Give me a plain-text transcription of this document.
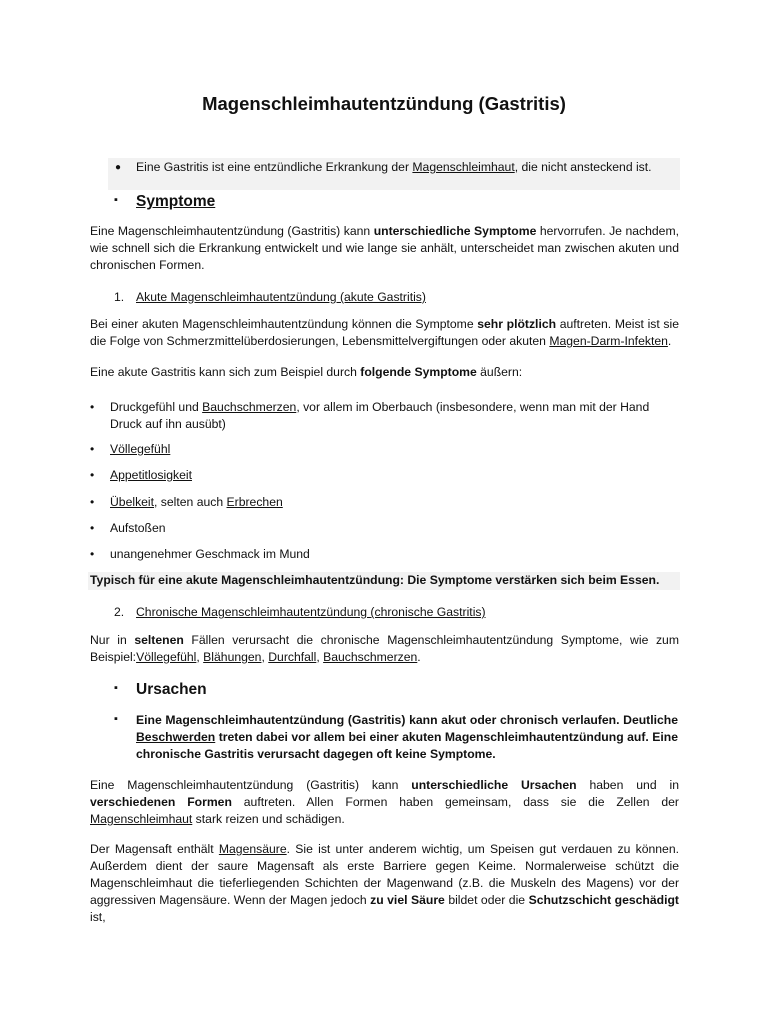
Magenschleimhautentzündung (Gastritis)
● Eine Gastritis ist eine entzündliche Erkrankung der Magenschleimhaut, die nicht ansteckend ist.
▪ Symptome
Eine Magenschleimhautentzündung (Gastritis) kann unterschiedliche Symptome hervorrufen. Je nachdem, wie schnell sich die Erkrankung entwickelt und wie lange sie anhält, unterscheidet man zwischen akuten und chronischen Formen.
1. Akute Magenschleimhautentzündung (akute Gastritis)
Bei einer akuten Magenschleimhautentzündung können die Symptome sehr plötzlich auftreten. Meist ist sie die Folge von Schmerzmittelüberdosierungen, Lebensmittelvergiftungen oder akuten Magen-Darm-Infekten.
Eine akute Gastritis kann sich zum Beispiel durch folgende Symptome äußern:
• Druckgefühl und Bauchschmerzen, vor allem im Oberbauch (insbesondere, wenn man mit der Hand Druck auf ihn ausübt)
• Völlegefühl
• Appetitlosigkeit
• Übelkeit, selten auch Erbrechen
• Aufstoßen
• unangenehmer Geschmack im Mund
Typisch für eine akute Magenschleimhautentzündung: Die Symptome verstärken sich beim Essen.
2. Chronische Magenschleimhautentzündung (chronische Gastritis)
Nur in seltenen Fällen verursacht die chronische Magenschleimhautentzündung Symptome, wie zum Beispiel:Völlegefühl, Blähungen, Durchfall, Bauchschmerzen.
▪ Ursachen
▪ Eine Magenschleimhautentzündung (Gastritis) kann akut oder chronisch verlaufen. Deutliche Beschwerden treten dabei vor allem bei einer akuten Magenschleimhautentzündung auf. Eine chronische Gastritis verursacht dagegen oft keine Symptome.
Eine Magenschleimhautentzündung (Gastritis) kann unterschiedliche Ursachen haben und in verschiedenen Formen auftreten. Allen Formen haben gemeinsam, dass sie die Zellen der Magenschleimhaut stark reizen und schädigen.
Der Magensaft enthält Magensäure. Sie ist unter anderem wichtig, um Speisen gut verdauen zu können. Außerdem dient der saure Magensaft als erste Barriere gegen Keime. Normalerweise schützt die Magenschleimhaut die tieferliegenden Schichten der Magenwand (z.B. die Muskeln des Magens) vor der aggressiven Magensäure. Wenn der Magen jedoch zu viel Säure bildet oder die Schutzschicht geschädigt ist,
